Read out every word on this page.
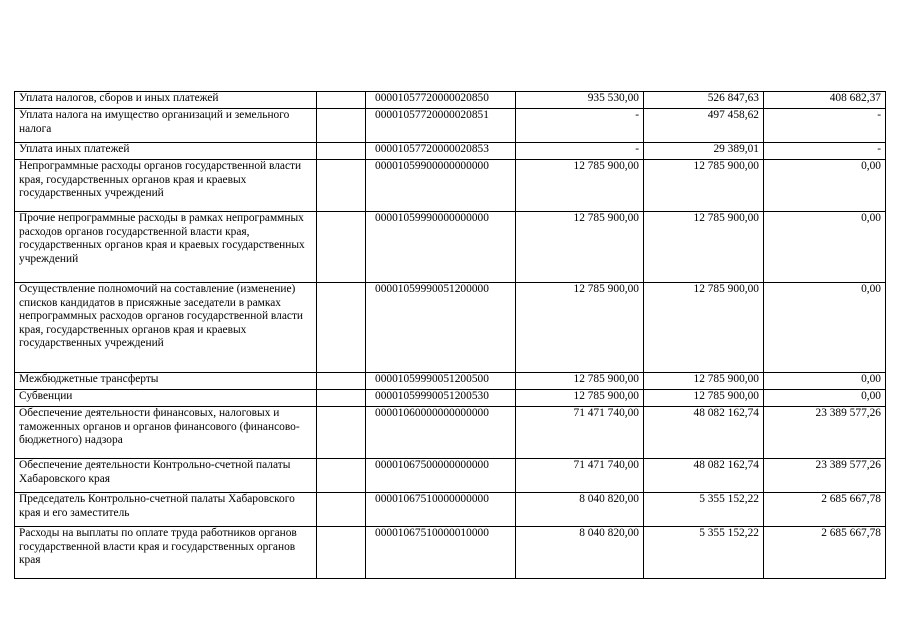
Уплата налогов, сборов и иных платежей		00001057720000020850	935 530,00	526 847,63	408 682,37
Уплата налога на имущество организаций и земельного налога		00001057720000020851	-	497 458,62	-
Уплата иных платежей		00001057720000020853	-	29 389,01	-
Непрограммные расходы органов государственной власти края, государственных органов края и краевых государственных учреждений		00001059900000000000	12 785 900,00	12 785 900,00	0,00
Прочие непрограммные расходы в рамках непрограммных расходов органов государственной власти края, государственных органов края и краевых государственных учреждений		00001059990000000000	12 785 900,00	12 785 900,00	0,00
Осуществление полномочий на составление (изменение) списков кандидатов в присяжные заседатели в рамках непрограммных расходов органов государственной власти края, государственных органов края и краевых государственных учреждений		00001059990051200000	12 785 900,00	12 785 900,00	0,00
Межбюджетные трансферты		00001059990051200500	12 785 900,00	12 785 900,00	0,00
Субвенции		00001059990051200530	12 785 900,00	12 785 900,00	0,00
Обеспечение деятельности финансовых, налоговых и таможенных органов и органов финансового (финансово-бюджетного) надзора		00001060000000000000	71 471 740,00	48 082 162,74	23 389 577,26
Обеспечение деятельности Контрольно-счетной палаты Хабаровского края		00001067500000000000	71 471 740,00	48 082 162,74	23 389 577,26
Председатель Контрольно-счетной палаты Хабаровского края и его заместитель		00001067510000000000	8 040 820,00	5 355 152,22	2 685 667,78
Расходы на выплаты по оплате труда работников органов государственной власти края и государственных органов края		00001067510000010000	8 040 820,00	5 355 152,22	2 685 667,78
